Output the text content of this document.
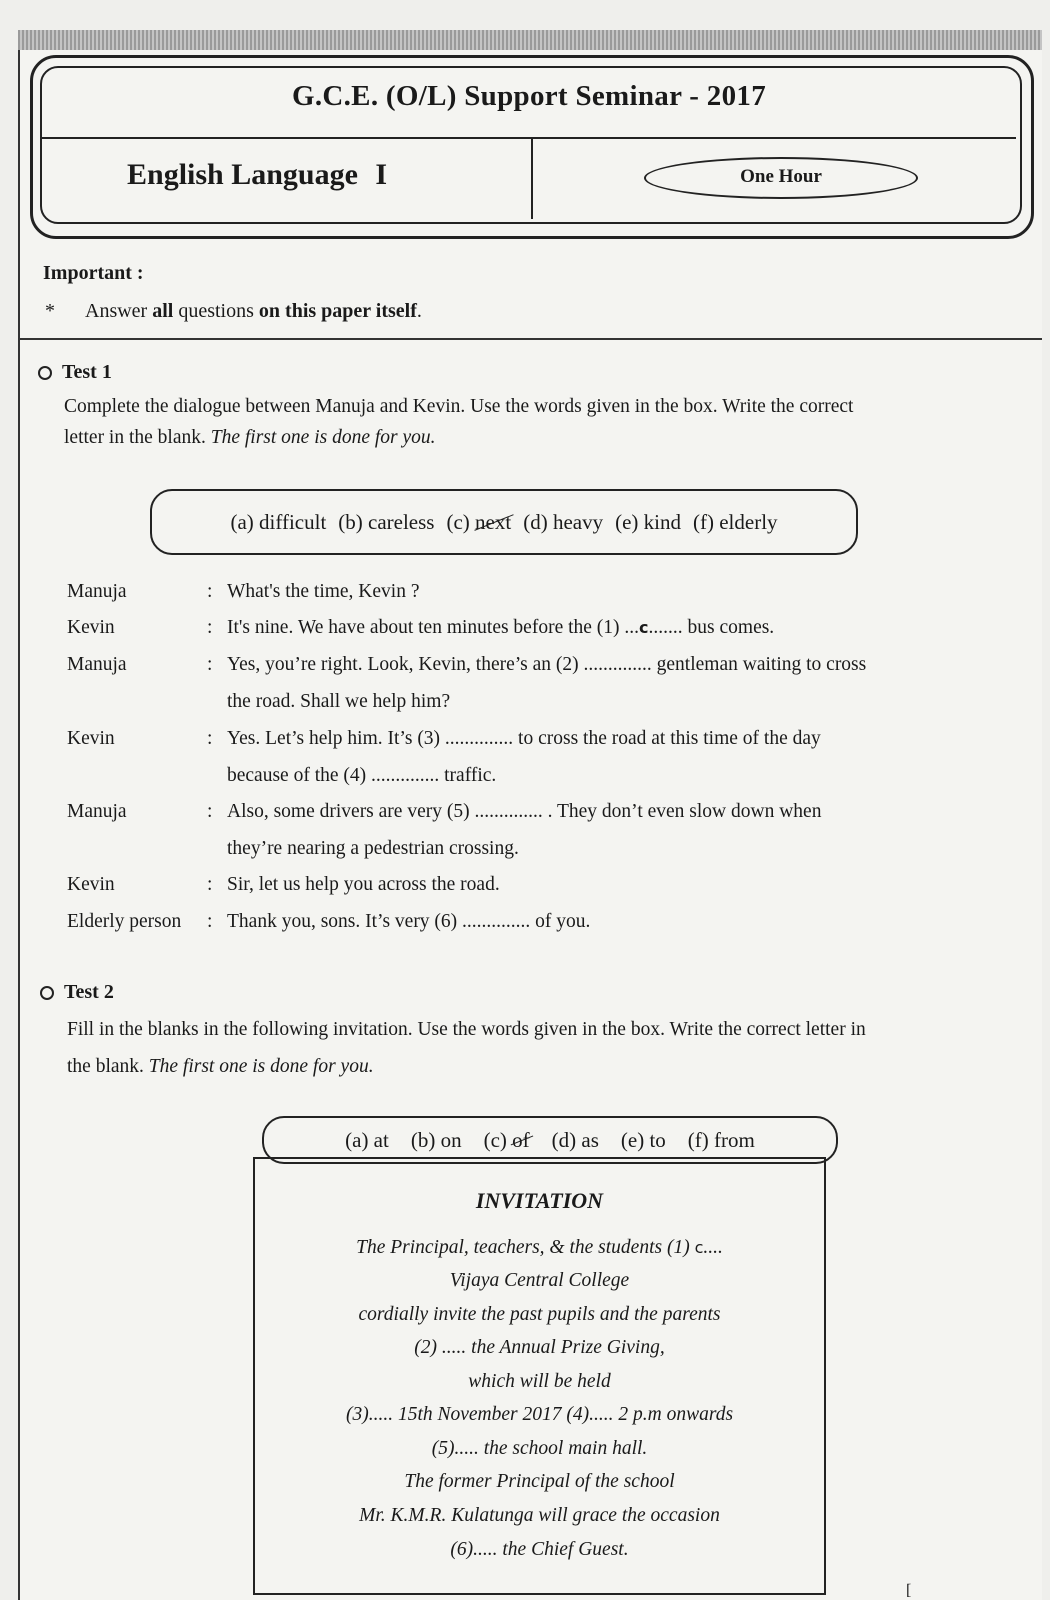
G.C.E. (O/L) Support Seminar - 2017
English Language I	One Hour
Important :
* Answer all questions on this paper itself.
Test 1
Complete the dialogue between Manuja and Kevin. Use the words given in the box. Write the correct
letter in the blank. The first one is done for you.
(a) difficult (b) careless (c) next (d) heavy (e) kind (f) elderly
Manuja	: What's the time, Kevin ?
Kevin	: It's nine. We have about ten minutes before the (1) ...c....... bus comes.
Manuja	: Yes, you’re right. Look, Kevin, there’s an (2) .............. gentleman waiting to cross
the road. Shall we help him?
Kevin	: Yes. Let’s help him. It’s (3) .............. to cross the road at this time of the day
because of the (4) .............. traffic.
Manuja	: Also, some drivers are very (5) .............. . They don’t even slow down when
they’re nearing a pedestrian crossing.
Kevin	: Sir, let us help you across the road.
Elderly person	: Thank you, sons. It’s very (6) .............. of you.
Test 2
Fill in the blanks in the following invitation. Use the words given in the box. Write the correct letter in
the blank. The first one is done for you.
(a) at (b) on (c) of (d) as (e) to (f) from
INVITATION
The Principal, teachers, & the students (1) c....
Vijaya Central College
cordially invite the past pupils and the parents
(2) ..... the Annual Prize Giving,
which will be held
(3)..... 15th November 2017 (4)..... 2 p.m onwards
(5)..... the school main hall.
The former Principal of the school
Mr. K.M.R. Kulatunga will grace the occasion
(6)..... the Chief Guest.
[
